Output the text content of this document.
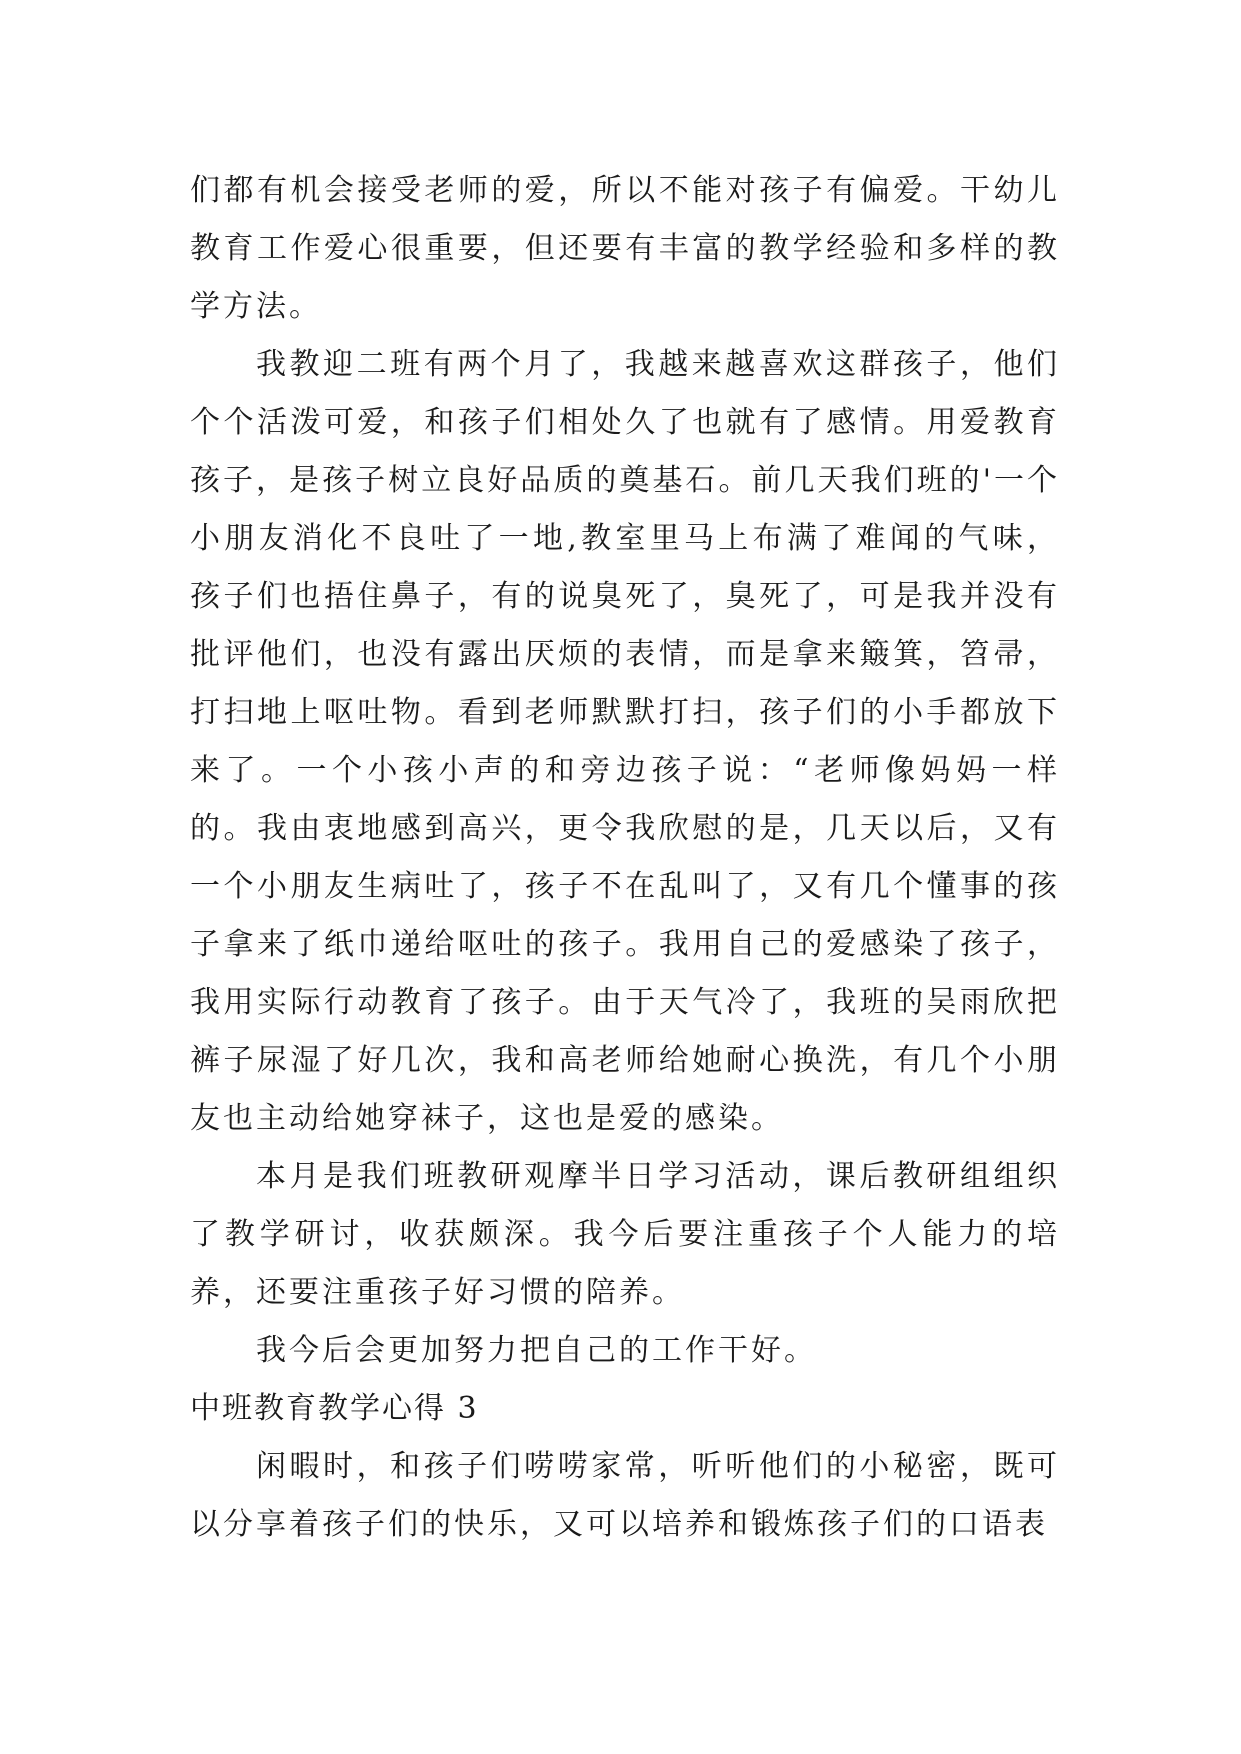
们都有机会接受老师的爱，所以不能对孩子有偏爱。干幼儿教育工作爱心很重要，但还要有丰富的教学经验和多样的教学方法。

我教迎二班有两个月了，我越来越喜欢这群孩子，他们个个活泼可爱，和孩子们相处久了也就有了感情。用爱教育孩子，是孩子树立良好品质的奠基石。前几天我们班的'一个小朋友消化不良吐了一地,教室里马上布满了难闻的气味，孩子们也捂住鼻子，有的说臭死了，臭死了，可是我并没有批评他们，也没有露出厌烦的表情，而是拿来簸箕，笤帚，打扫地上呕吐物。看到老师默默打扫，孩子们的小手都放下来了。一个小孩小声的和旁边孩子说：“老师像妈妈一样的。我由衷地感到高兴，更令我欣慰的是，几天以后，又有一个小朋友生病吐了，孩子不在乱叫了，又有几个懂事的孩子拿来了纸巾递给呕吐的孩子。我用自己的爱感染了孩子，我用实际行动教育了孩子。由于天气冷了，我班的吴雨欣把裤子尿湿了好几次，我和高老师给她耐心换洗，有几个小朋友也主动给她穿袜子，这也是爱的感染。

本月是我们班教研观摩半日学习活动，课后教研组组织了教学研讨，收获颇深。我今后要注重孩子个人能力的培养，还要注重孩子好习惯的陪养。

我今后会更加努力把自己的工作干好。

中班教育教学心得 3

闲暇时，和孩子们唠唠家常，听听他们的小秘密，既可以分享着孩子们的快乐，又可以培养和锻炼孩子们的口语表
